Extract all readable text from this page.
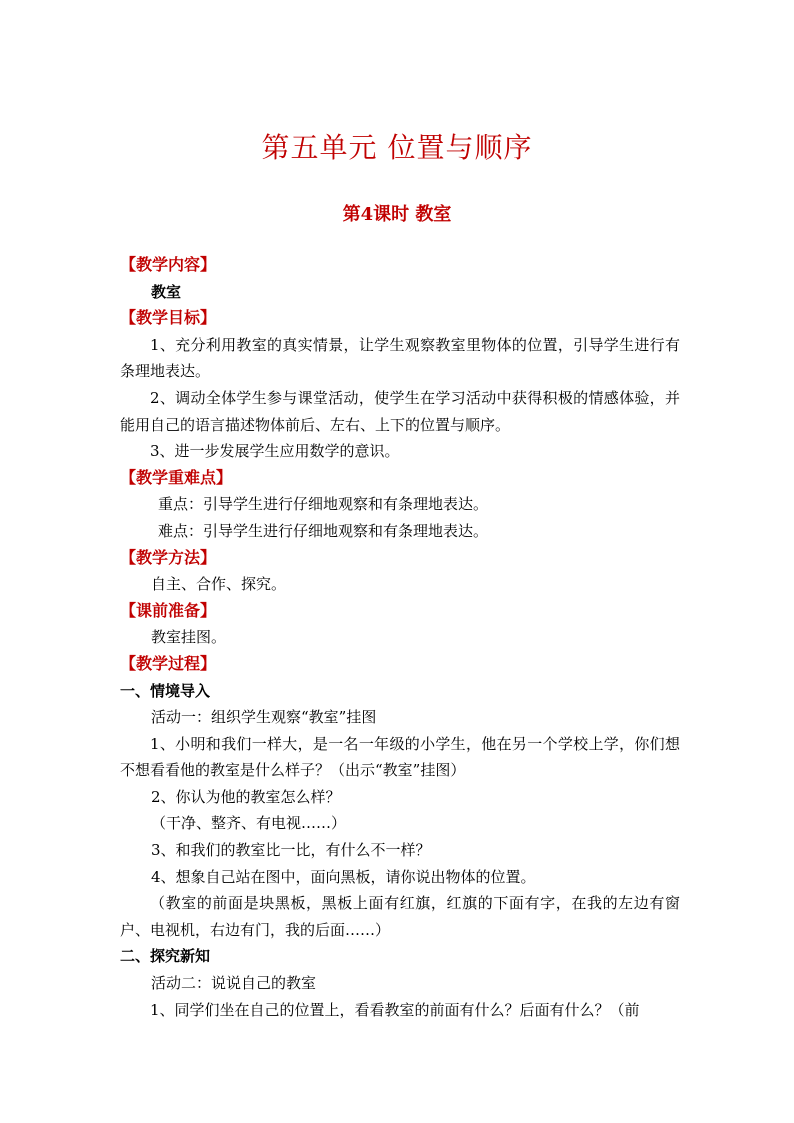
第五单元 位置与顺序
第4课时 教室
【教学内容】
教室
【教学目标】
1、充分利用教室的真实情景，让学生观察教室里物体的位置，引导学生进行有条理地表达。
2、调动全体学生参与课堂活动，使学生在学习活动中获得积极的情感体验，并能用自己的语言描述物体前后、左右、上下的位置与顺序。
3、进一步发展学生应用数学的意识。
【教学重难点】
重点：引导学生进行仔细地观察和有条理地表达。
难点：引导学生进行仔细地观察和有条理地表达。
【教学方法】
自主、合作、探究。
【课前准备】
教室挂图。
【教学过程】
一、情境导入
活动一：组织学生观察“教室”挂图
1、小明和我们一样大，是一名一年级的小学生，他在另一个学校上学，你们想不想看看他的教室是什么样子？（出示“教室”挂图）
2、你认为他的教室怎么样？
（干净、整齐、有电视……）
3、和我们的教室比一比，有什么不一样？
4、想象自己站在图中，面向黑板，请你说出物体的位置。
（教室的前面是块黑板，黑板上面有红旗，红旗的下面有字，在我的左边有窗户、电视机，右边有门，我的后面……）
二、探究新知
活动二：说说自己的教室
1、同学们坐在自己的位置上，看看教室的前面有什么？后面有什么？（前
